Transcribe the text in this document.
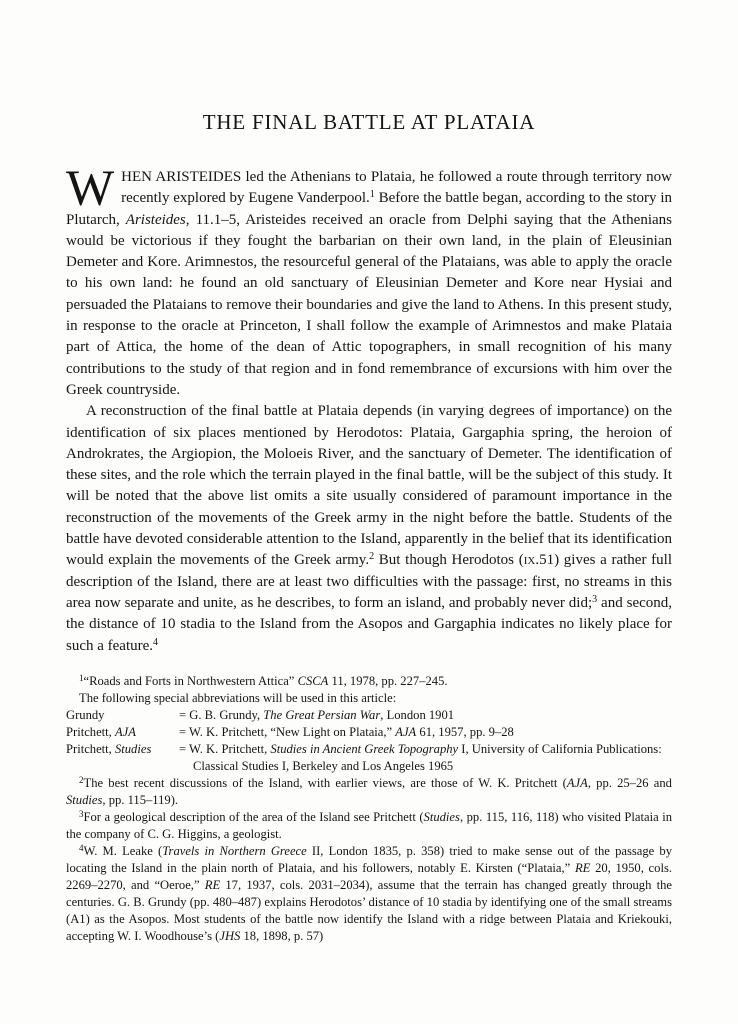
THE FINAL BATTLE AT PLATAIA

WHEN ARISTEIDES led the Athenians to Plataia, he followed a route through territory now recently explored by Eugene Vanderpool.$^1$ Before the battle began, according to the story in Plutarch, Aristeides, 11.1–5, Aristeides received an oracle from Delphi saying that the Athenians would be victorious if they fought the barbarian on their own land, in the plain of Eleusinian Demeter and Kore. Arimnestos, the resourceful general of the Plataians, was able to apply the oracle to his own land: he found an old sanctuary of Eleusinian Demeter and Kore near Hysiai and persuaded the Plataians to remove their boundaries and give the land to Athens. In this present study, in response to the oracle at Princeton, I shall follow the example of Arimnestos and make Plataia part of Attica, the home of the dean of Attic topographers, in small recognition of his many contributions to the study of that region and in fond remembrance of excursions with him over the Greek countryside.

A reconstruction of the final battle at Plataia depends (in varying degrees of importance) on the identification of six places mentioned by Herodotos: Plataia, Gargaphia spring, the heroion of Androkrates, the Argiopion, the Moloeis River, and the sanctuary of Demeter. The identification of these sites, and the role which the terrain played in the final battle, will be the subject of this study. It will be noted that the above list omits a site usually considered of paramount importance in the reconstruction of the movements of the Greek army in the night before the battle. Students of the battle have devoted considerable attention to the Island, apparently in the belief that its identification would explain the movements of the Greek army.$^2$ But though Herodotos (ix.51) gives a rather full description of the Island, there are at least two difficulties with the passage: first, no streams in this area now separate and unite, as he describes, to form an island, and probably never did;$^3$ and second, the distance of 10 stadia to the Island from the Asopos and Gargaphia indicates no likely place for such a feature.$^4$

$^1$“Roads and Forts in Northwestern Attica” CSCA 11, 1978, pp. 227–245.

The following special abbreviations will be used in this article:

Grundy	= G. B. Grundy, The Great Persian War, London 1901
Pritchett, AJA	= W. K. Pritchett, “New Light on Plataia,” AJA 61, 1957, pp. 9–28
Pritchett, Studies	= W. K. Pritchett, Studies in Ancient Greek Topography I, University of California Publications: Classical Studies I, Berkeley and Los Angeles 1965

$^2$The best recent discussions of the Island, with earlier views, are those of W. K. Pritchett (AJA, pp. 25–26 and Studies, pp. 115–119).

$^3$For a geological description of the area of the Island see Pritchett (Studies, pp. 115, 116, 118) who visited Plataia in the company of C. G. Higgins, a geologist.

$^4$W. M. Leake (Travels in Northern Greece II, London 1835, p. 358) tried to make sense out of the passage by locating the Island in the plain north of Plataia, and his followers, notably E. Kirsten (“Plataia,” RE 20, 1950, cols. 2269–2270, and “Oeroe,” RE 17, 1937, cols. 2031–2034), assume that the terrain has changed greatly through the centuries. G. B. Grundy (pp. 480–487) explains Herodotos’ distance of 10 stadia by identifying one of the small streams (A1) as the Asopos. Most students of the battle now identify the Island with a ridge between Plataia and Kriekouki, accepting W. I. Woodhouse’s (JHS 18, 1898, p. 57)
